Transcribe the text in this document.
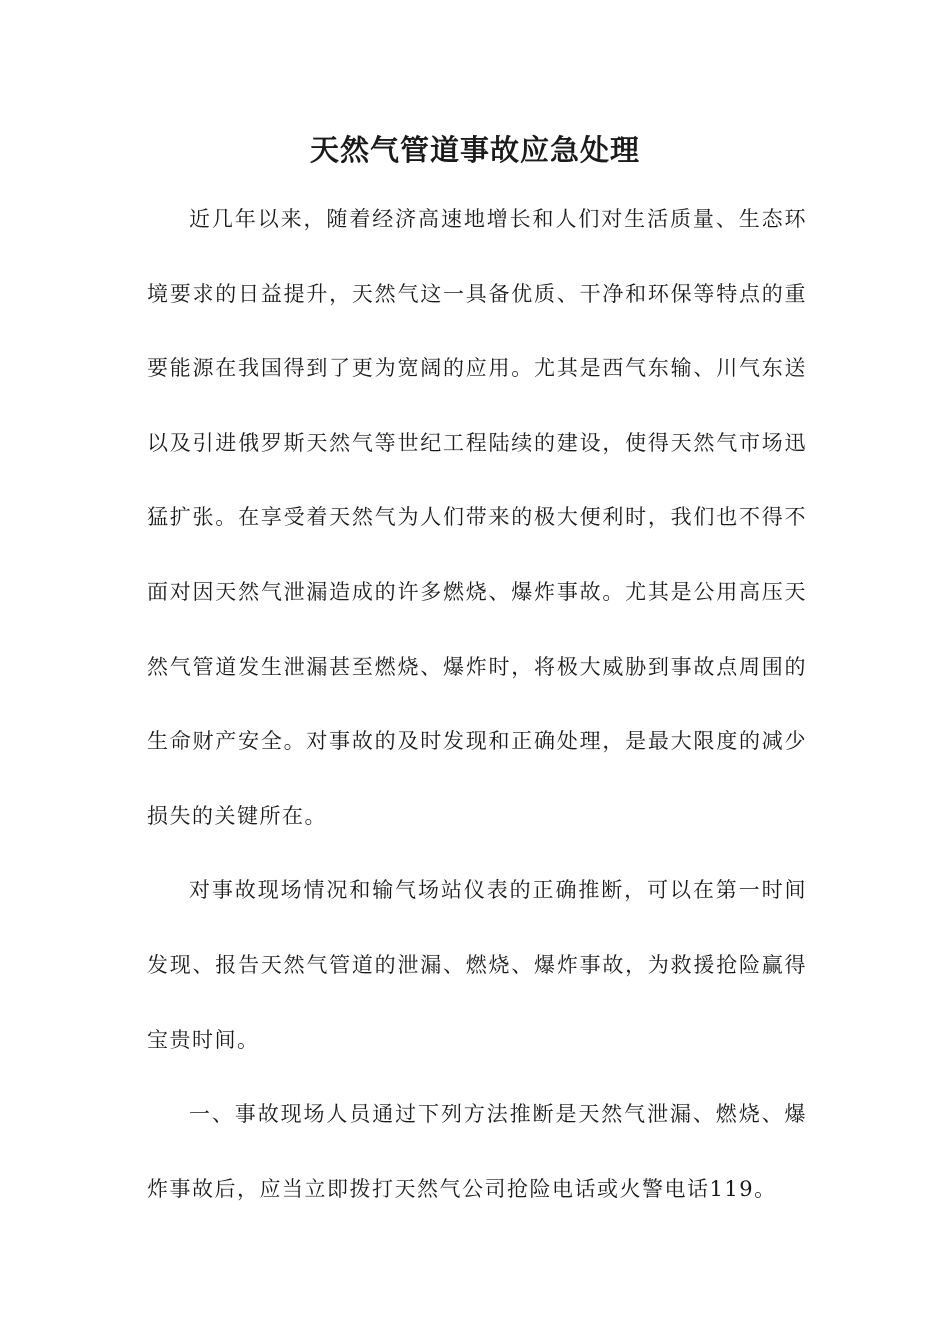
天然气管道事故应急处理

近几年以来，随着经济高速地增长和人们对生活质量、生态环境要求的日益提升，天然气这一具备优质、干净和环保等特点的重要能源在我国得到了更为宽阔的应用。尤其是西气东输、川气东送以及引进俄罗斯天然气等世纪工程陆续的建设，使得天然气市场迅猛扩张。在享受着天然气为人们带来的极大便利时，我们也不得不面对因天然气泄漏造成的许多燃烧、爆炸事故。尤其是公用高压天然气管道发生泄漏甚至燃烧、爆炸时，将极大威胁到事故点周围的生命财产安全。对事故的及时发现和正确处理，是最大限度的减少损失的关键所在。

对事故现场情况和输气场站仪表的正确推断，可以在第一时间发现、报告天然气管道的泄漏、燃烧、爆炸事故，为救援抢险赢得宝贵时间。

一、事故现场人员通过下列方法推断是天然气泄漏、燃烧、爆炸事故后，应当立即拨打天然气公司抢险电话或火警电话119。
